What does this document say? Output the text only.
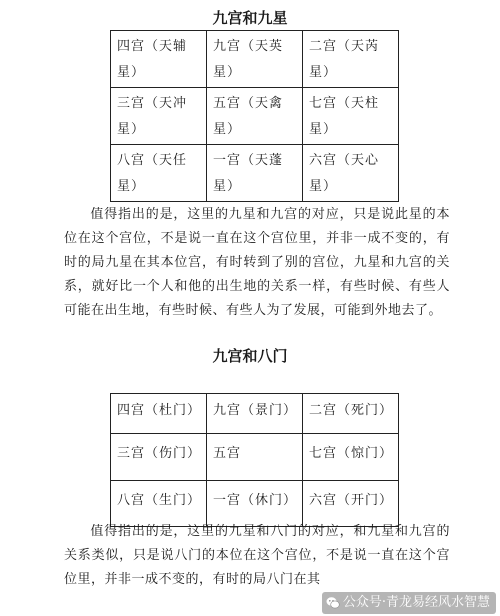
九宫和九星
四宫（天辅星）	九宫（天英星）	二宫（天芮星）
三宫（天冲星）	五宫（天禽星）	七宫（天柱星）
八宫（天任星）	一宫（天蓬星）	六宫（天心星）

值得指出的是，这里的九星和九宫的对应，只是说此星的本位在这个宫位，不是说一直在这个宫位里，并非一成不变的，有时的局九星在其本位宫，有时转到了别的宫位，九星和九宫的关系，就好比一个人和他的出生地的关系一样，有些时候、有些人可能在出生地，有些时候、有些人为了发展，可能到外地去了。

九宫和八门
四宫（杜门）	九宫（景门）	二宫（死门）
三宫（伤门）	五宫	七宫（惊门）
八宫（生门）	一宫（休门）	六宫（开门）

值得指出的是，这里的九星和八门的对应，和九星和九宫的关系类似，只是说八门的本位在这个宫位，不是说一直在这个宫位里，并非一成不变的，有时的局八门在其

公众号·青龙易经风水智慧
